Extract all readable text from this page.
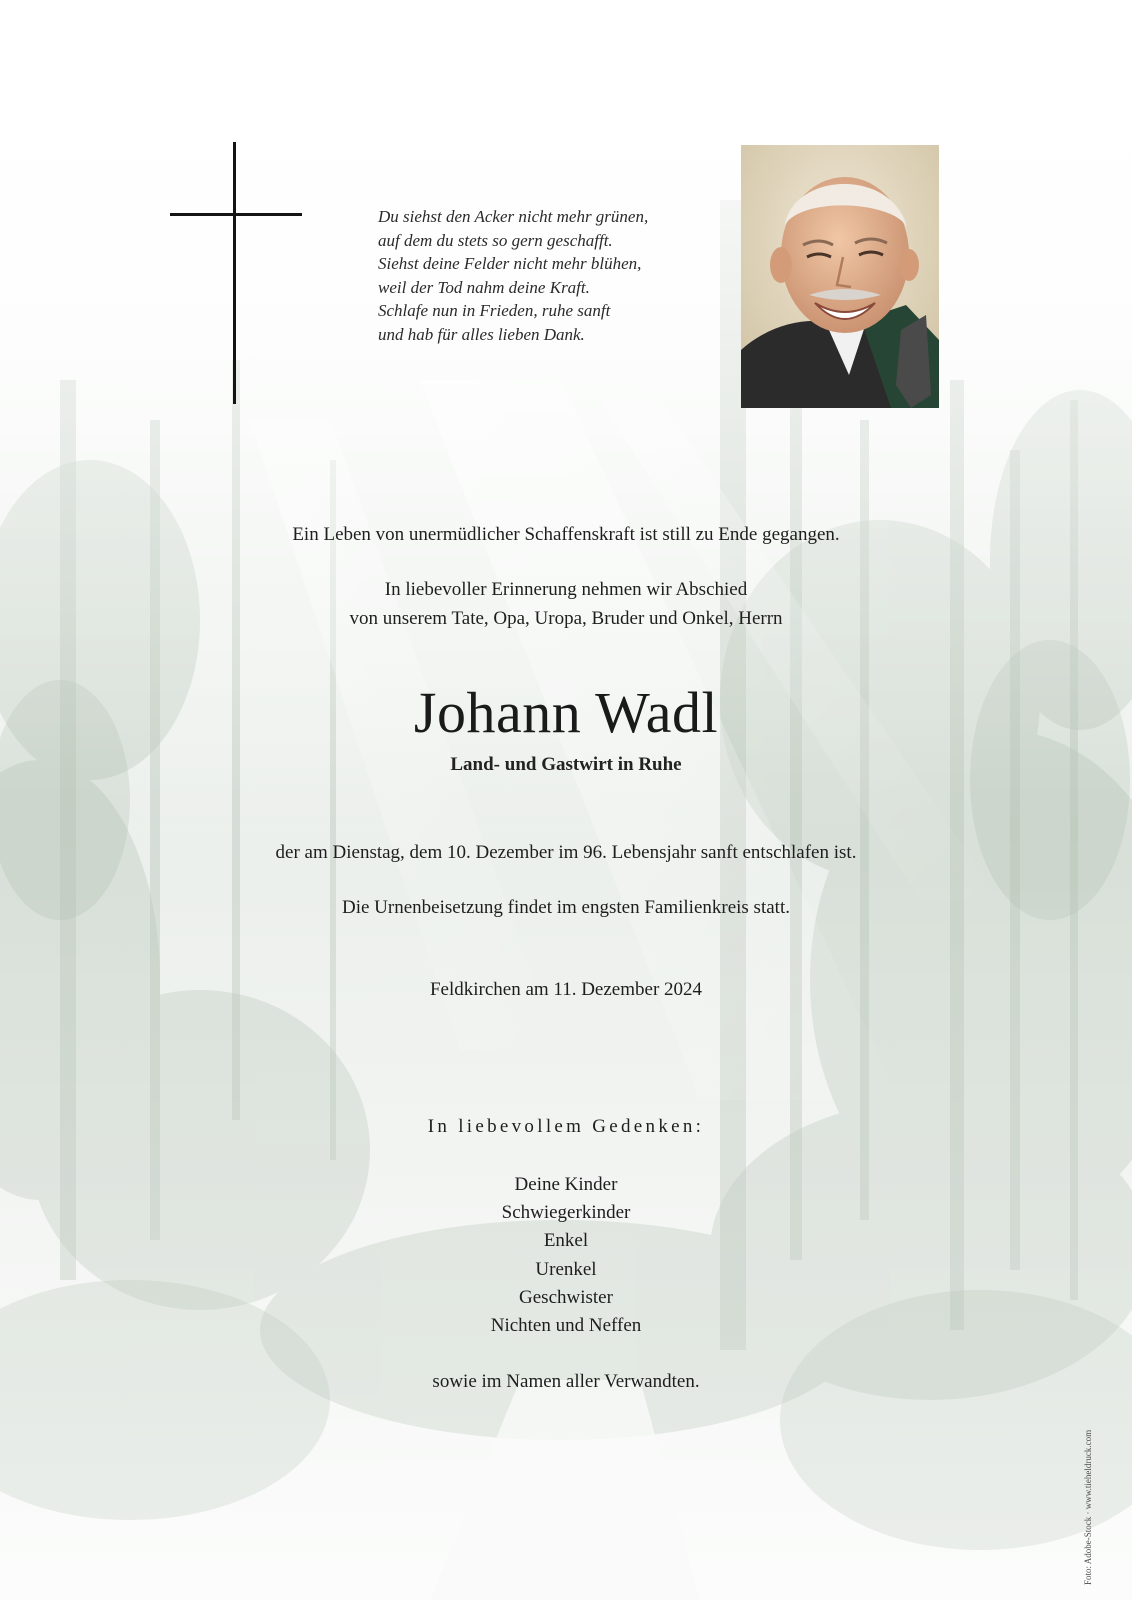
Du siehst den Acker nicht mehr grünen,
auf dem du stets so gern geschafft.
Siehst deine Felder nicht mehr blühen,
weil der Tod nahm deine Kraft.
Schlafe nun in Frieden, ruhe sanft
und hab für alles lieben Dank.
Ein Leben von unermüdlicher Schaffenskraft ist still zu Ende gegangen.
In liebevoller Erinnerung nehmen wir Abschied
von unserem Tate, Opa, Uropa, Bruder und Onkel, Herrn
Johann Wadl
Land- und Gastwirt in Ruhe
der am Dienstag, dem 10. Dezember im 96. Lebensjahr sanft entschlafen ist.
Die Urnenbeisetzung findet im engsten Familienkreis statt.
Feldkirchen am 11. Dezember 2024
In liebevollem Gedenken:
Deine Kinder
Schwiegerkinder
Enkel
Urenkel
Geschwister
Nichten und Neffen
sowie im Namen aller Verwandten.
Foto: Adobe-Stock · www.tieheldruck.com
